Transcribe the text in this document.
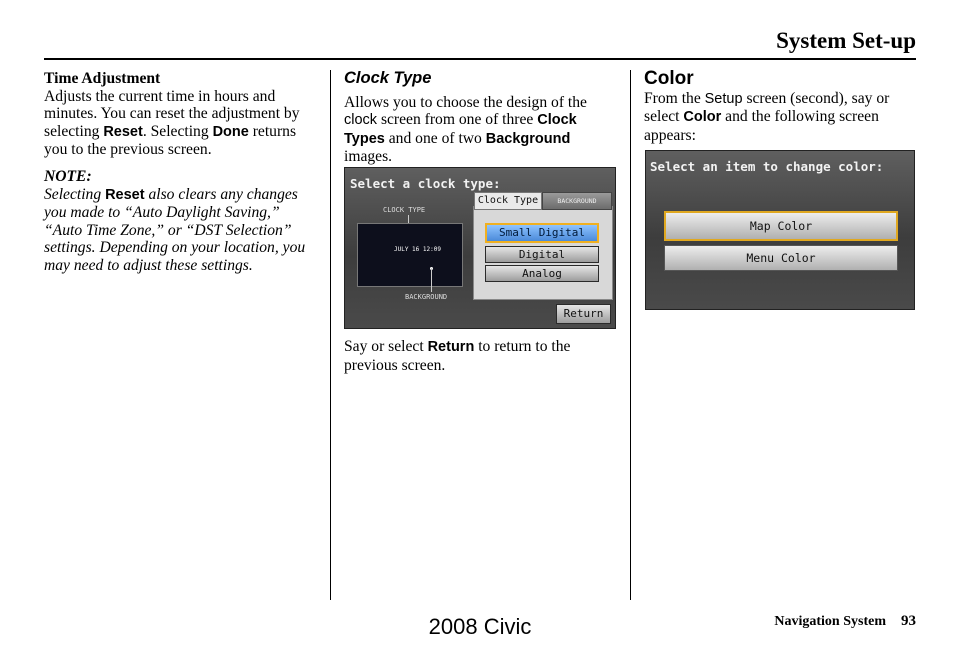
System Set-up
Time Adjustment

Adjusts the current time in hours and minutes. You can reset the adjustment by selecting Reset. Selecting Done returns you to the previous screen.

NOTE:

Selecting Reset also clears any changes you made to “Auto Daylight Saving,” “Auto Time Zone,” or “DST Selection” settings. Depending on your location, you may need to adjust these settings.

Clock Type

Allows you to choose the design of the clock screen from one of three Clock Types and one of two Background images.

Select a clock type:
CLOCK TYPE
JULY 16 12:09
BACKGROUND
Clock Type	BACKGROUND
Small Digital
Digital
Analog
Return

Say or select Return to return to the previous screen.

Color

From the Setup screen (second), say or select Color and the following screen appears:

Select an item to change color:
Map Color
Menu Color
Navigation System 93
2008 Civic
